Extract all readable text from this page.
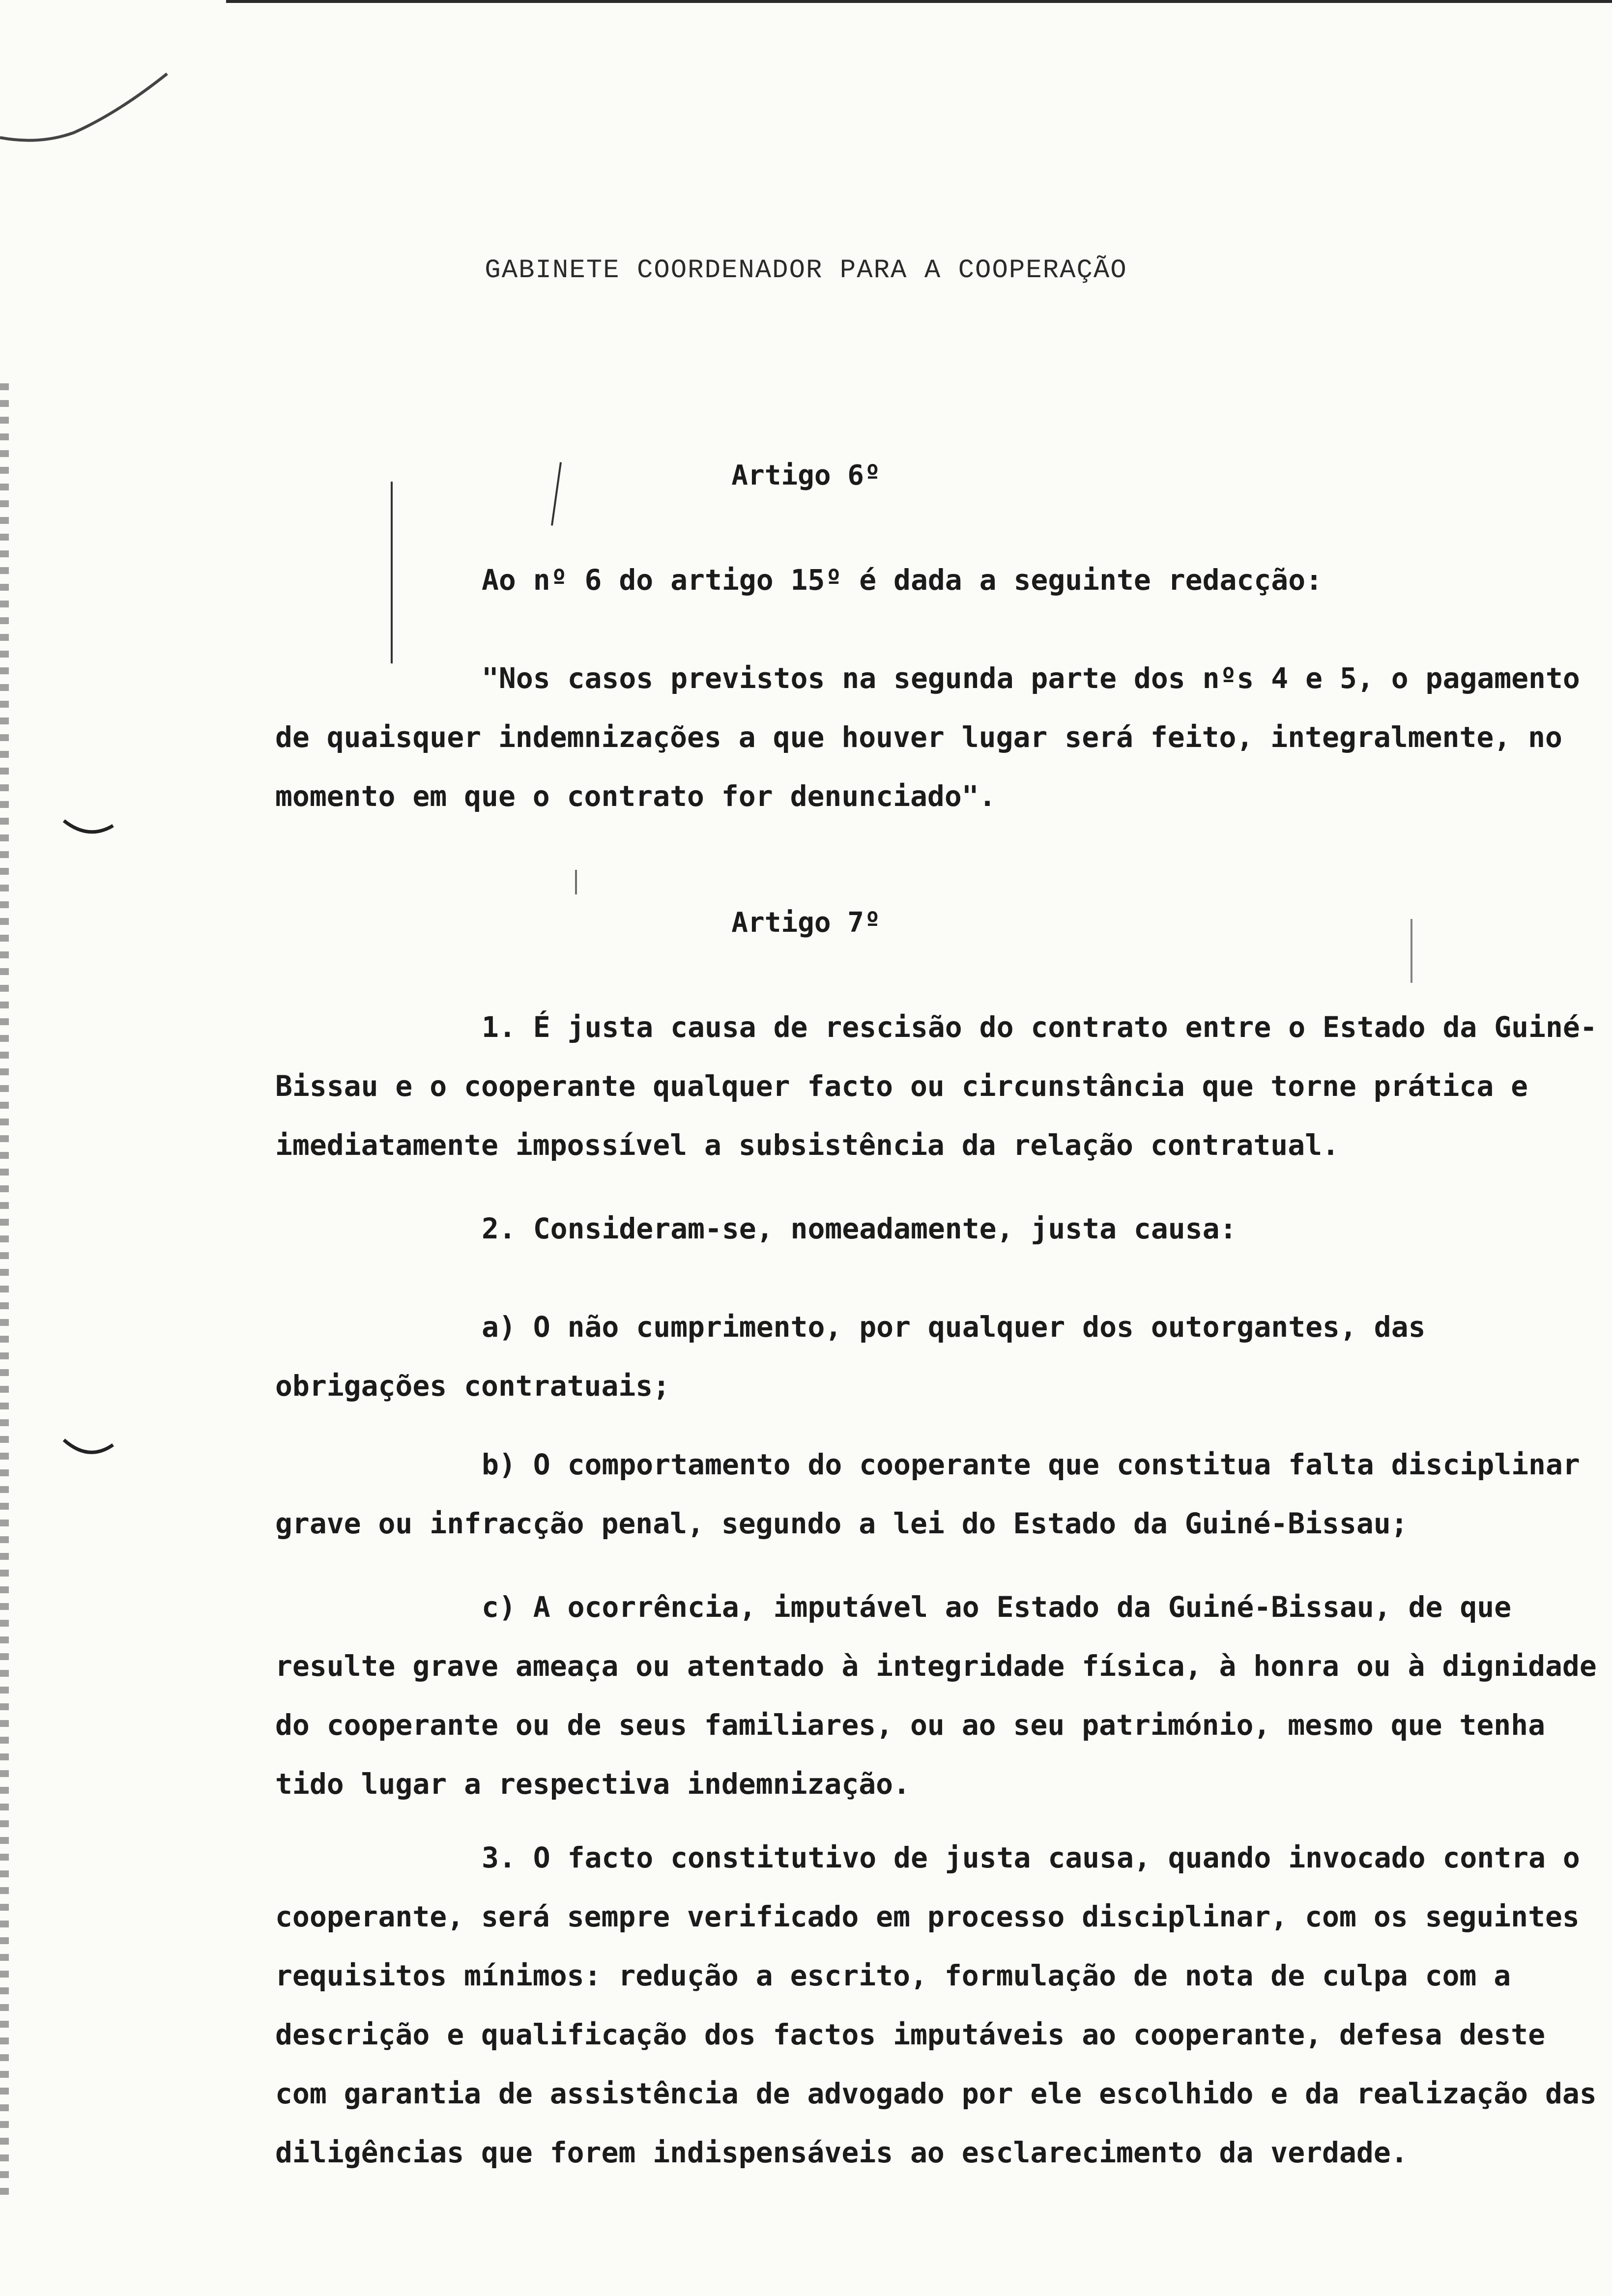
GABINETE COORDENADOR PARA A COOPERAÇÃO
Artigo 6º

Ao nº 6 do artigo 15º é dada a seguinte redacção:

"Nos casos previstos na segunda parte dos nºs 4 e 5, o pagamento de quaisquer indemnizações a que houver lugar será feito, integralmente, no momento em que o contrato for denunciado".

Artigo 7º

1. É justa causa de rescisão do contrato entre o Estado da Guiné-Bissau e o cooperante qualquer facto ou circunstância que torne prática e imediatamente impossível a subsistência da relação contratual.

2. Consideram-se, nomeadamente, justa causa:

a) O não cumprimento, por qualquer dos outorgantes, das obrigações contratuais;

b) O comportamento do cooperante que constitua falta disciplinar grave ou infracção penal, segundo a lei do Estado da Guiné-Bissau;

c) A ocorrência, imputável ao Estado da Guiné-Bissau, de que resulte grave ameaça ou atentado à integridade física, à honra ou à dignidade do cooperante ou de seus familiares, ou ao seu património, mesmo que tenha tido lugar a respectiva indemnização.

3. O facto constitutivo de justa causa, quando invocado contra o cooperante, será sempre verificado em processo disciplinar, com os seguintes requisitos mínimos: redução a escrito, formulação de nota de culpa com a descrição e qualificação dos factos imputáveis ao cooperante, defesa deste com garantia de assistência de advogado por ele escolhido e da realização das diligências que forem indispensáveis ao esclarecimento da verdade.
